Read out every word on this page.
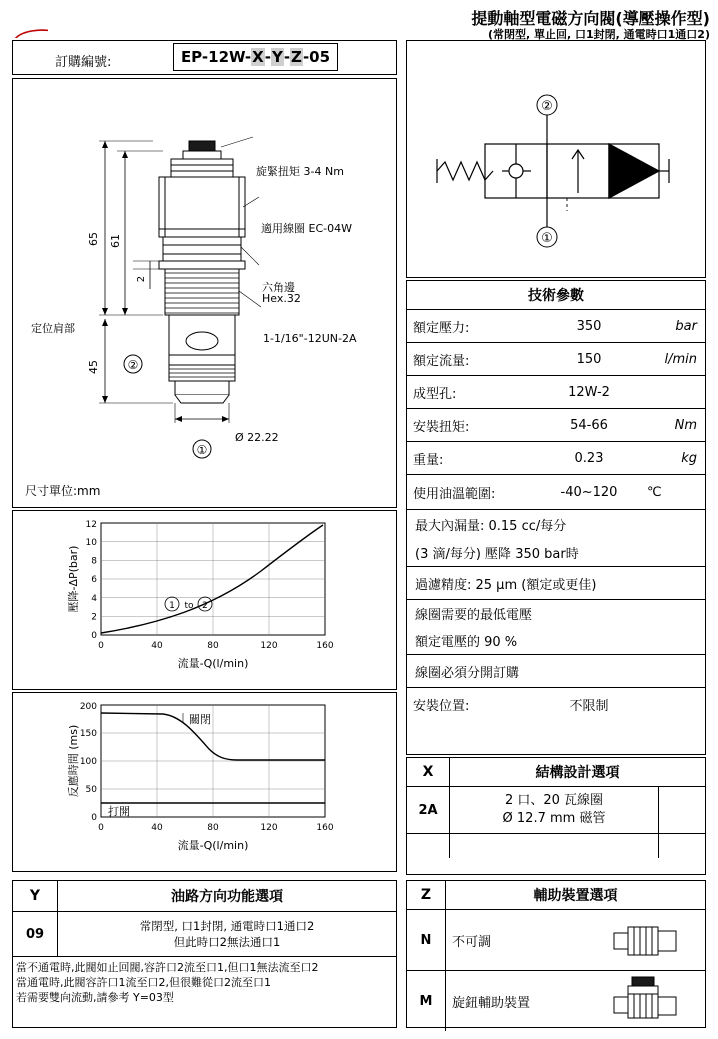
提動軸型電磁方向閥(導壓操作型)
(常閉型, 單止回, 口1封閉, 通電時口1通口2)
訂購編號:	EP-12W-X-Y-Z-05
②
①
65 61
45
2
旋緊扭矩 3-4 Nm
適用線圈 EC-04W
六角邊
Hex.32
1-1/16"-12UN-2A
定位肩部
Ø 22.22
尺寸單位:mm
0
2
4
6
8
10
12
0	40	80	120	160
流量-Q(l/min)
壓降-ΔP(bar)	1 to 2
0
50
100
150
200
0	40	80	120	160
流量-Q(l/min)
反應時間 (ms)
關閉
打開
Y	油路方向功能選項
09	常閉型, 口1封閉, 通電時口1通口2
但此時口2無法通口1
當不通電時,此閥如止回閥,容許口2流至口1,但口1無法流至口2
當通電時,此閥容許口1流至口2,但很難從口2流至口1
若需要雙向流動,請參考 Y=03型
②
①
技術參數		
額定壓力:	350	bar
額定流量:	150	l/min
成型孔:	12W-2	
安裝扭矩:	54-66	Nm
重量:	0.23	kg
使用油溫範圍:	-40~120	℃
最大內漏量: 0.15 cc/每分		
(3 滴/每分) 壓降 350 bar時		
過濾精度: 25 µm (額定或更佳)		
線圈需要的最低電壓		
額定電壓的 90 %		
線圈必須分開訂購		
安裝位置:	不限制	
X	結構設計選項	
2A	2 口、20 瓦線圈
Ø 12.7 mm 磁管	

Z	輔助裝置選項	
N	不可調	

M	旋鈕輔助裝置	
